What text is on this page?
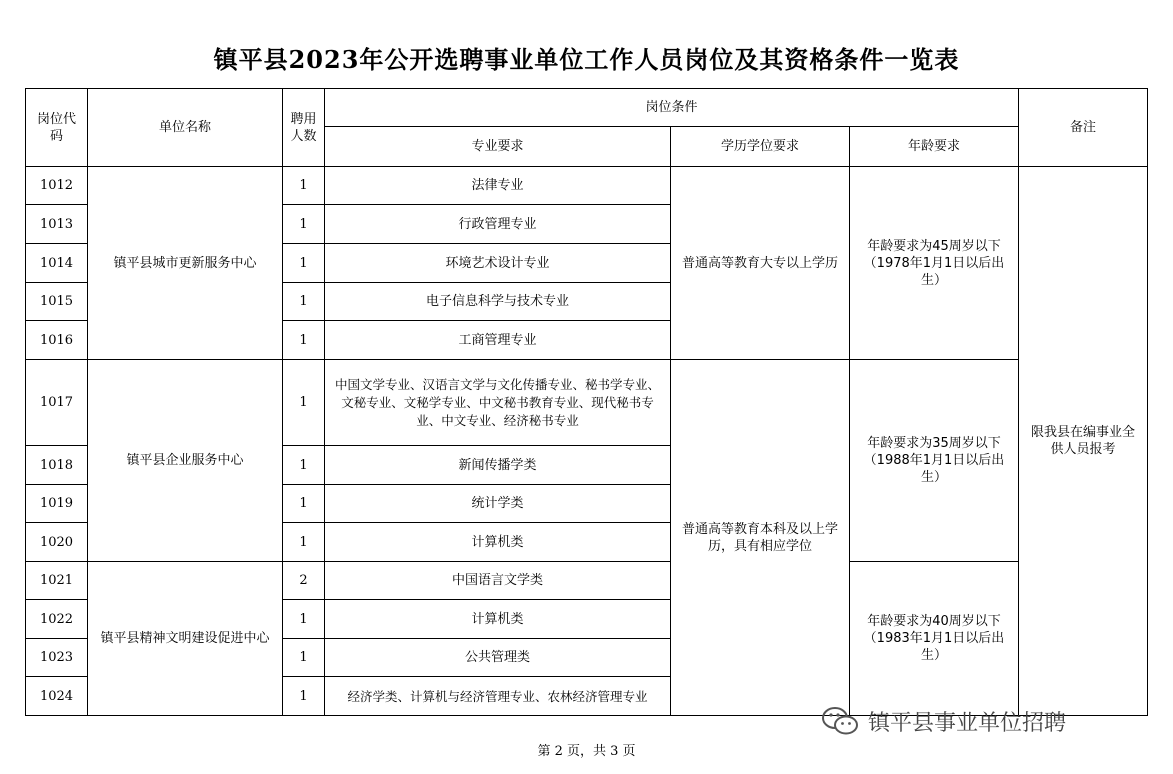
镇平县2023年公开选聘事业单位工作人员岗位及其资格条件一览表
岗位代码	单位名称	聘用人数	岗位条件			备注
			专业要求	学历学位要求	年龄要求	
1012	镇平县城市更新服务中心	1	法律专业	普通高等教育大专以上学历	年龄要求为45周岁以下（1978年1月1日以后出生）	限我县在编事业全供人员报考
1013		1	行政管理专业			
1014		1	环境艺术设计专业			
1015		1	电子信息科学与技术专业			
1016		1	工商管理专业			
1017	镇平县企业服务中心	1	中国文学专业、汉语言文学与文化传播专业、秘书学专业、文秘专业、文秘学专业、中文秘书教育专业、现代秘书专业、中文专业、经济秘书专业	普通高等教育本科及以上学历，具有相应学位	年龄要求为35周岁以下（1988年1月1日以后出生）	
1018		1	新闻传播学类			
1019		1	统计学类			
1020		1	计算机类			
1021	镇平县精神文明建设促进中心	2	中国语言文学类		年龄要求为40周岁以下（1983年1月1日以后出生）	
1022		1	计算机类			
1023		1	公共管理类			
1024		1	经济学类、计算机与经济管理专业、农林经济管理专业			
第 2 页，共 3 页
镇平县事业单位招聘
